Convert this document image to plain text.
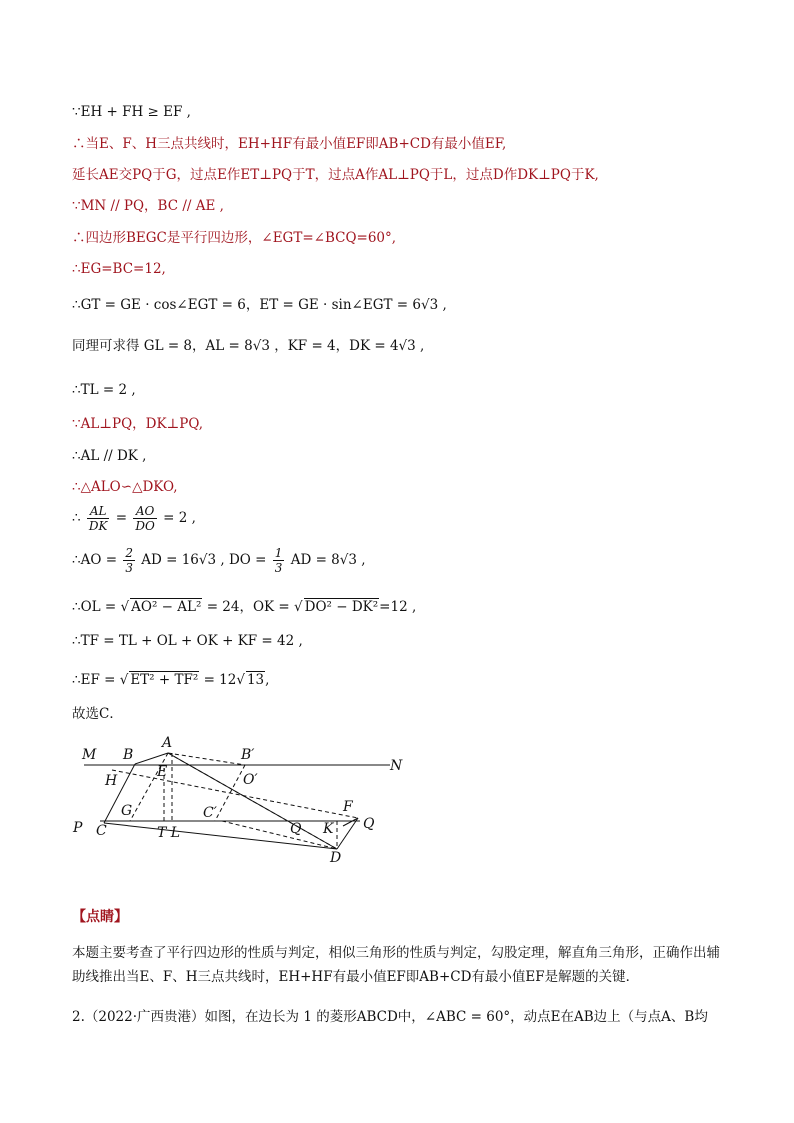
∵EH + FH ≥ EF ,
∴当E、F、H三点共线时，EH+HF有最小值EF即AB+CD有最小值EF,
延长AE交PQ于G，过点E作ET⊥PQ于T，过点A作AL⊥PQ于L，过点D作DK⊥PQ于K,
∵MN // PQ，BC // AE ,
∴四边形BEGC是平行四边形，∠EGT=∠BCQ=60°,
∴EG=BC=12,
∴GT = GE · cos∠EGT = 6，ET = GE · sin∠EGT = 6√3 ,
同理可求得 GL = 8，AL = 8√3 ，KF = 4，DK = 4√3 ,
∴TL = 2 ,
∵AL⊥PQ，DK⊥PQ,
∴AL // DK ,
∴△ALO∽△DKO,
∴ $\frac{AL}{DK} = \frac{AO}{DO} = 2$ ,
∴AO = $\frac{2}{3}$ AD = 16√3 , DO = $\frac{1}{3}$ AD = 8√3 ,
∴OL = √ AO² − AL² = 24，OK = √ DO² − DK²=12 ,
∴TF = TL + OL + OK + KF = 42 ,
∴EF = √ ET² + TF² = 12√ 13,
故选C．
M B
A
B′
N
H
E	O′
G	C′	F
P C	T L	Q K Q
D
【点睛】
本题主要考查了平行四边形的性质与判定，相似三角形的性质与判定，勾股定理，解直角三角形，正确作出辅助线推出当E、F、H三点共线时，EH+HF有最小值EF即AB+CD有最小值EF是解题的关键．
2.（2022·广西贵港）如图，在边长为 1 的菱形ABCD中，∠ABC = 60°，动点E在AB边上（与点A、B均
